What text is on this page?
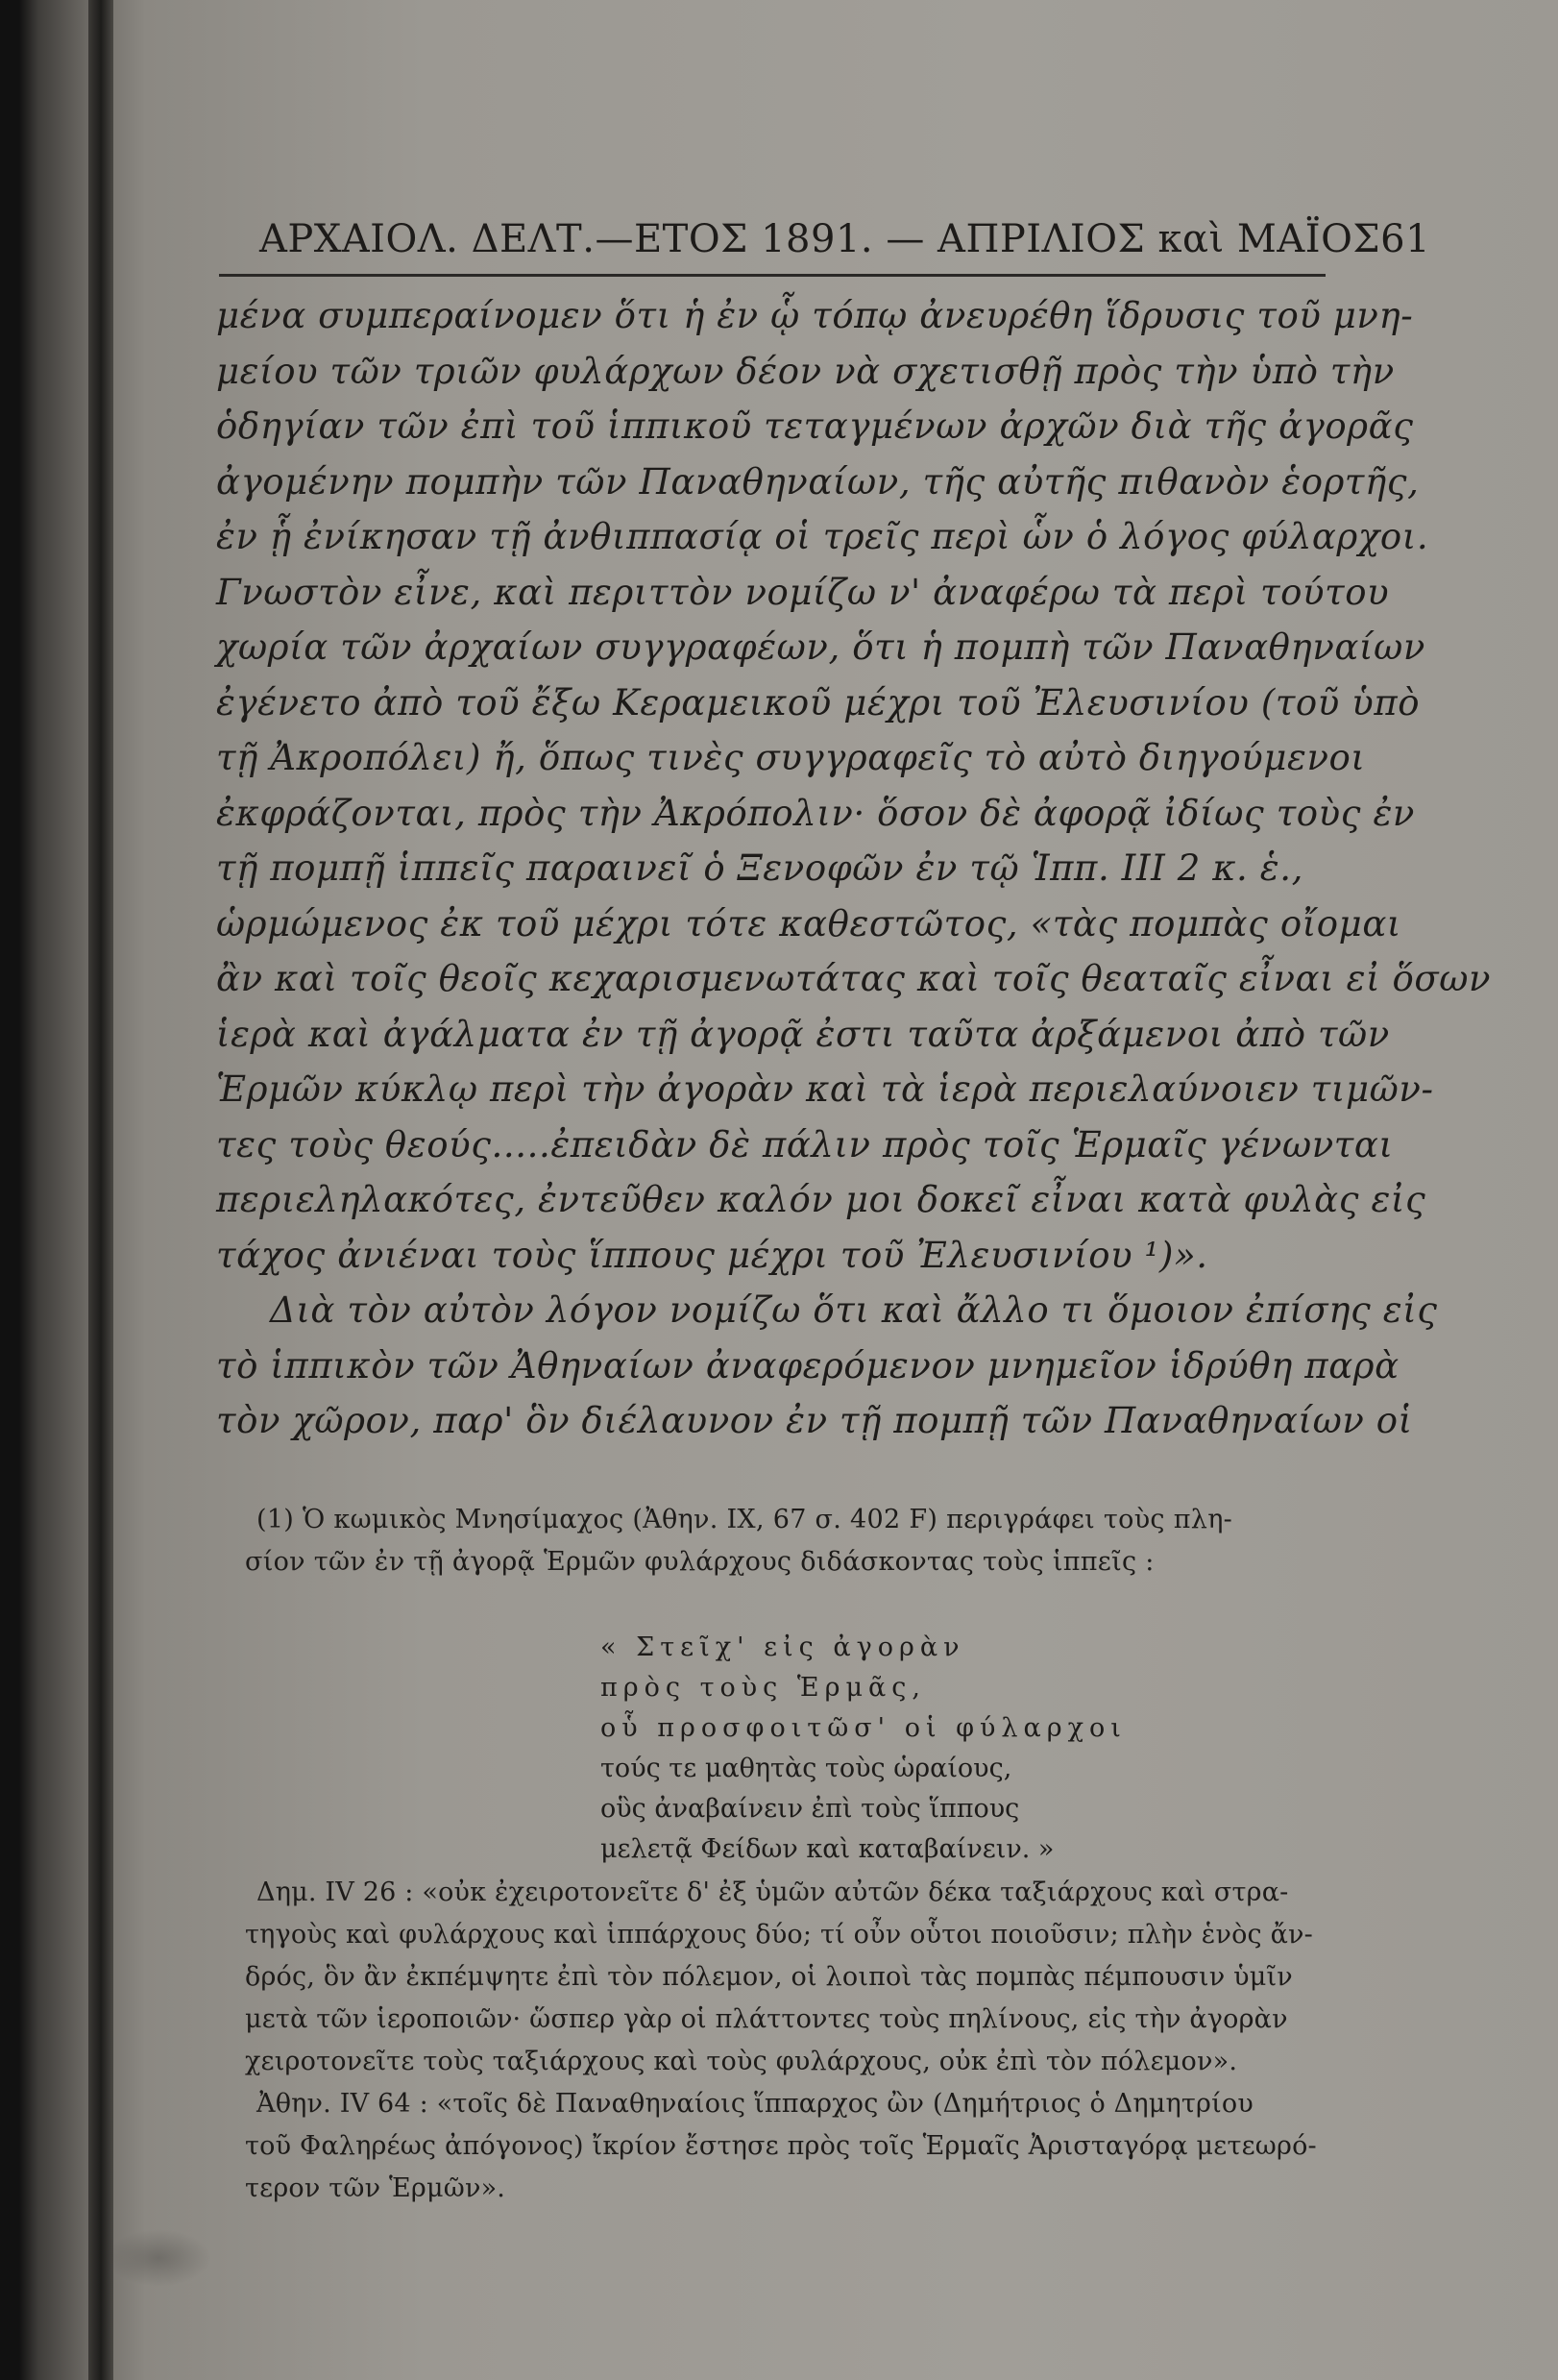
ΑΡΧΑΙΟΛ. ΔΕΛΤ.—ΕΤΟΣ 1891. — ΑΠΡΙΛΙΟΣ καὶ ΜΑΪΟΣ 61
μένα συμπεραίνομεν ὅτι ἡ ἐν ᾧ τόπῳ ἀνευρέθη ἵδρυσις τοῦ μνη-
μείου τῶν τριῶν φυλάρχων δέον νὰ σχετισθῇ πρὸς τὴν ὑπὸ τὴν
ὁδηγίαν τῶν ἐπὶ τοῦ ἱππικοῦ τεταγμένων ἀρχῶν διὰ τῆς ἀγορᾶς
ἀγομένην πομπὴν τῶν Παναθηναίων, τῆς αὐτῆς πιθανὸν ἑορτῆς,
ἐν ᾗ ἐνίκησαν τῇ ἀνθιππασίᾳ οἱ τρεῖς περὶ ὧν ὁ λόγος φύλαρχοι.
Γνωστὸν εἶνε, καὶ περιττὸν νομίζω ν' ἀναφέρω τὰ περὶ τούτου
χωρία τῶν ἀρχαίων συγγραφέων, ὅτι ἡ πομπὴ τῶν Παναθηναίων
ἐγένετο ἀπὸ τοῦ ἔξω Κεραμεικοῦ μέχρι τοῦ Ἐλευσινίου (τοῦ ὑπὸ
τῇ Ἀκροπόλει) ἤ, ὅπως τινὲς συγγραφεῖς τὸ αὐτὸ διηγούμενοι
ἐκφράζονται, πρὸς τὴν Ἀκρόπολιν· ὅσον δὲ ἀφορᾷ ἰδίως τοὺς ἐν
τῇ πομπῇ ἱππεῖς παραινεῖ ὁ Ξενοφῶν ἐν τῷ Ἱππ. III 2 κ. ἑ.,
ὡρμώμενος ἐκ τοῦ μέχρι τότε καθεστῶτος, «τὰς πομπὰς οἴομαι
ἂν καὶ τοῖς θεοῖς κεχαρισμενωτάτας καὶ τοῖς θεαταῖς εἶναι εἰ ὅσων
ἱερὰ καὶ ἀγάλματα ἐν τῇ ἀγορᾷ ἐστι ταῦτα ἀρξάμενοι ἀπὸ τῶν
Ἑρμῶν κύκλῳ περὶ τὴν ἀγορὰν καὶ τὰ ἱερὰ περιελαύνοιεν τιμῶν-
τες τοὺς θεούς.....ἐπειδὰν δὲ πάλιν πρὸς τοῖς Ἑρμαῖς γένωνται
περιεληλακότες, ἐντεῦθεν καλόν μοι δοκεῖ εἶναι κατὰ φυλὰς εἰς
τάχος ἀνιέναι τοὺς ἵππους μέχρι τοῦ Ἐλευσινίου ¹)».
Διὰ τὸν αὐτὸν λόγον νομίζω ὅτι καὶ ἄλλο τι ὅμοιον ἐπίσης εἰς
τὸ ἱππικὸν τῶν Ἀθηναίων ἀναφερόμενον μνημεῖον ἱδρύθη παρὰ
τὸν χῶρον, παρ' ὃν διέλαυνον ἐν τῇ πομπῇ τῶν Παναθηναίων οἱ
(1) Ὁ κωμικὸς Μνησίμαχος (Ἀθην. IX, 67 σ. 402 F) περιγράφει τοὺς πλη-
σίον τῶν ἐν τῇ ἀγορᾷ Ἑρμῶν φυλάρχους διδάσκοντας τοὺς ἱππεῖς :
« Στεῖχ' εἰς ἀγορὰν
πρὸς τοὺς Ἑρμᾶς,
οὗ προσφοιτῶσ' οἱ φύλαρχοι
τούς τε μαθητὰς τοὺς ὡραίους,
οὓς ἀναβαίνειν ἐπὶ τοὺς ἵππους
μελετᾷ Φείδων καὶ καταβαίνειν. »
Δημ. IV 26 : «οὐκ ἐχειροτονεῖτε δ' ἐξ ὑμῶν αὐτῶν δέκα ταξιάρχους καὶ στρα-
τηγοὺς καὶ φυλάρχους καὶ ἱππάρχους δύο; τί οὖν οὗτοι ποιοῦσιν; πλὴν ἑνὸς ἄν-
δρός, ὃν ἂν ἐκπέμψητε ἐπὶ τὸν πόλεμον, οἱ λοιποὶ τὰς πομπὰς πέμπουσιν ὑμῖν
μετὰ τῶν ἱεροποιῶν· ὥσπερ γὰρ οἱ πλάττοντες τοὺς πηλίνους, εἰς τὴν ἀγορὰν
χειροτονεῖτε τοὺς ταξιάρχους καὶ τοὺς φυλάρχους, οὐκ ἐπὶ τὸν πόλεμον».
Ἀθην. IV 64 : «τοῖς δὲ Παναθηναίοις ἵππαρχος ὢν (Δημήτριος ὁ Δημητρίου
τοῦ Φαληρέως ἀπόγονος) ἴκρίον ἔστησε πρὸς τοῖς Ἑρμαῖς Ἀρισταγόρᾳ μετεωρό-
τερον τῶν Ἑρμῶν».
